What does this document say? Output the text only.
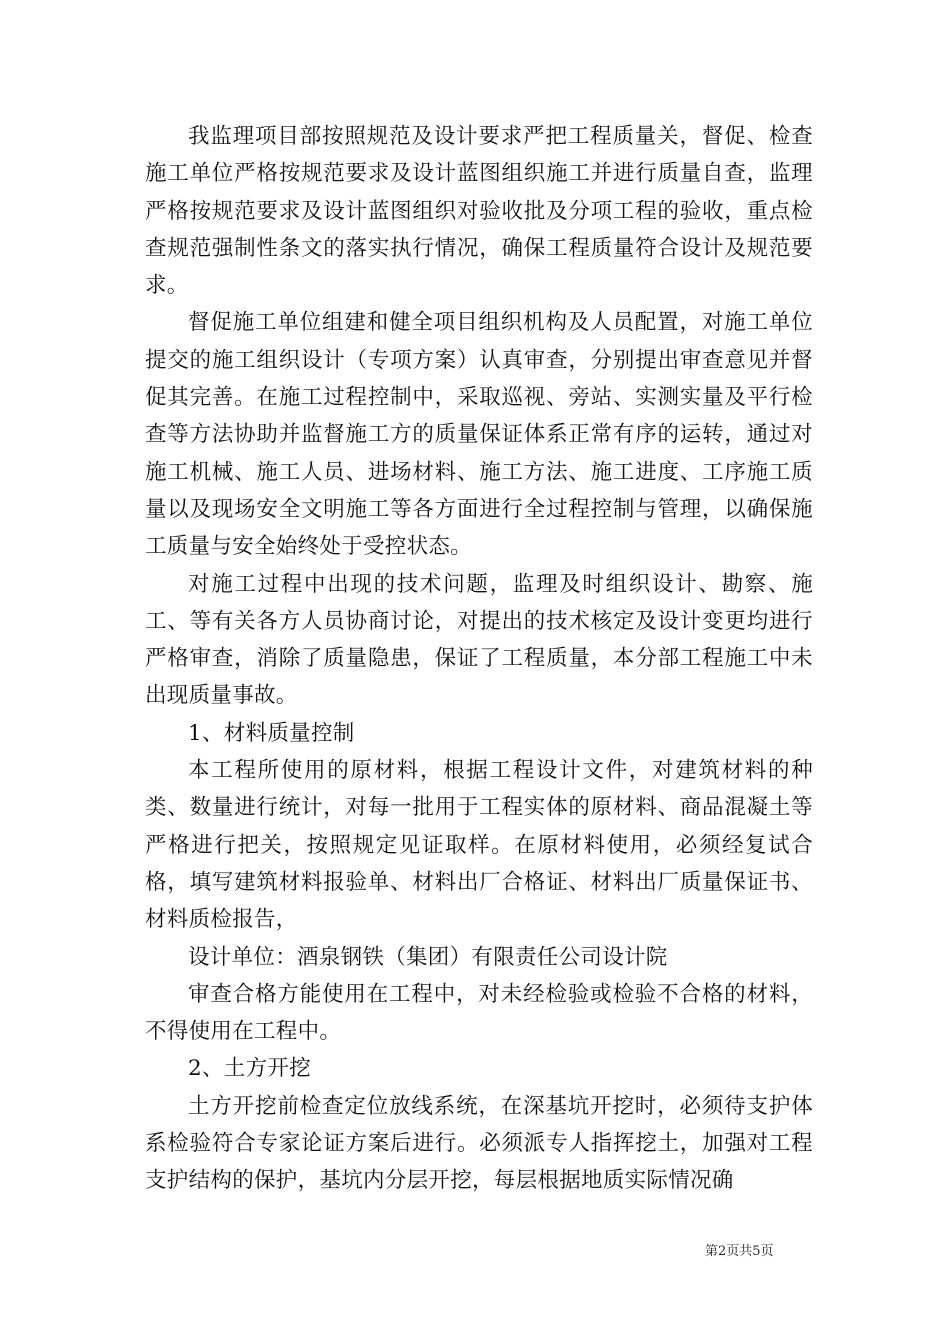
我监理项目部按照规范及设计要求严把工程质量关，督促、检查施工单位严格按规范要求及设计蓝图组织施工并进行质量自查，监理严格按规范要求及设计蓝图组织对验收批及分项工程的验收，重点检查规范强制性条文的落实执行情况，确保工程质量符合设计及规范要求。

督促施工单位组建和健全项目组织机构及人员配置，对施工单位提交的施工组织设计（专项方案）认真审查，分别提出审查意见并督促其完善。在施工过程控制中，采取巡视、旁站、实测实量及平行检查等方法协助并监督施工方的质量保证体系正常有序的运转，通过对施工机械、施工人员、进场材料、施工方法、施工进度、工序施工质量以及现场安全文明施工等各方面进行全过程控制与管理，以确保施工质量与安全始终处于受控状态。

对施工过程中出现的技术问题，监理及时组织设计、勘察、施工、等有关各方人员协商讨论，对提出的技术核定及设计变更均进行严格审查，消除了质量隐患，保证了工程质量，本分部工程施工中未出现质量事故。

1、材料质量控制

本工程所使用的原材料，根据工程设计文件，对建筑材料的种类、数量进行统计，对每一批用于工程实体的原材料、商品混凝土等严格进行把关，按照规定见证取样。在原材料使用，必须经复试合格，填写建筑材料报验单、材料出厂合格证、材料出厂质量保证书、材料质检报告，

设计单位：酒泉钢铁（集团）有限责任公司设计院

审查合格方能使用在工程中，对未经检验或检验不合格的材料，不得使用在工程中。

2、土方开挖

土方开挖前检查定位放线系统，在深基坑开挖时，必须待支护体系检验符合专家论证方案后进行。必须派专人指挥挖土，加强对工程支护结构的保护，基坑内分层开挖，每层根据地质实际情况确

第2页共5页
